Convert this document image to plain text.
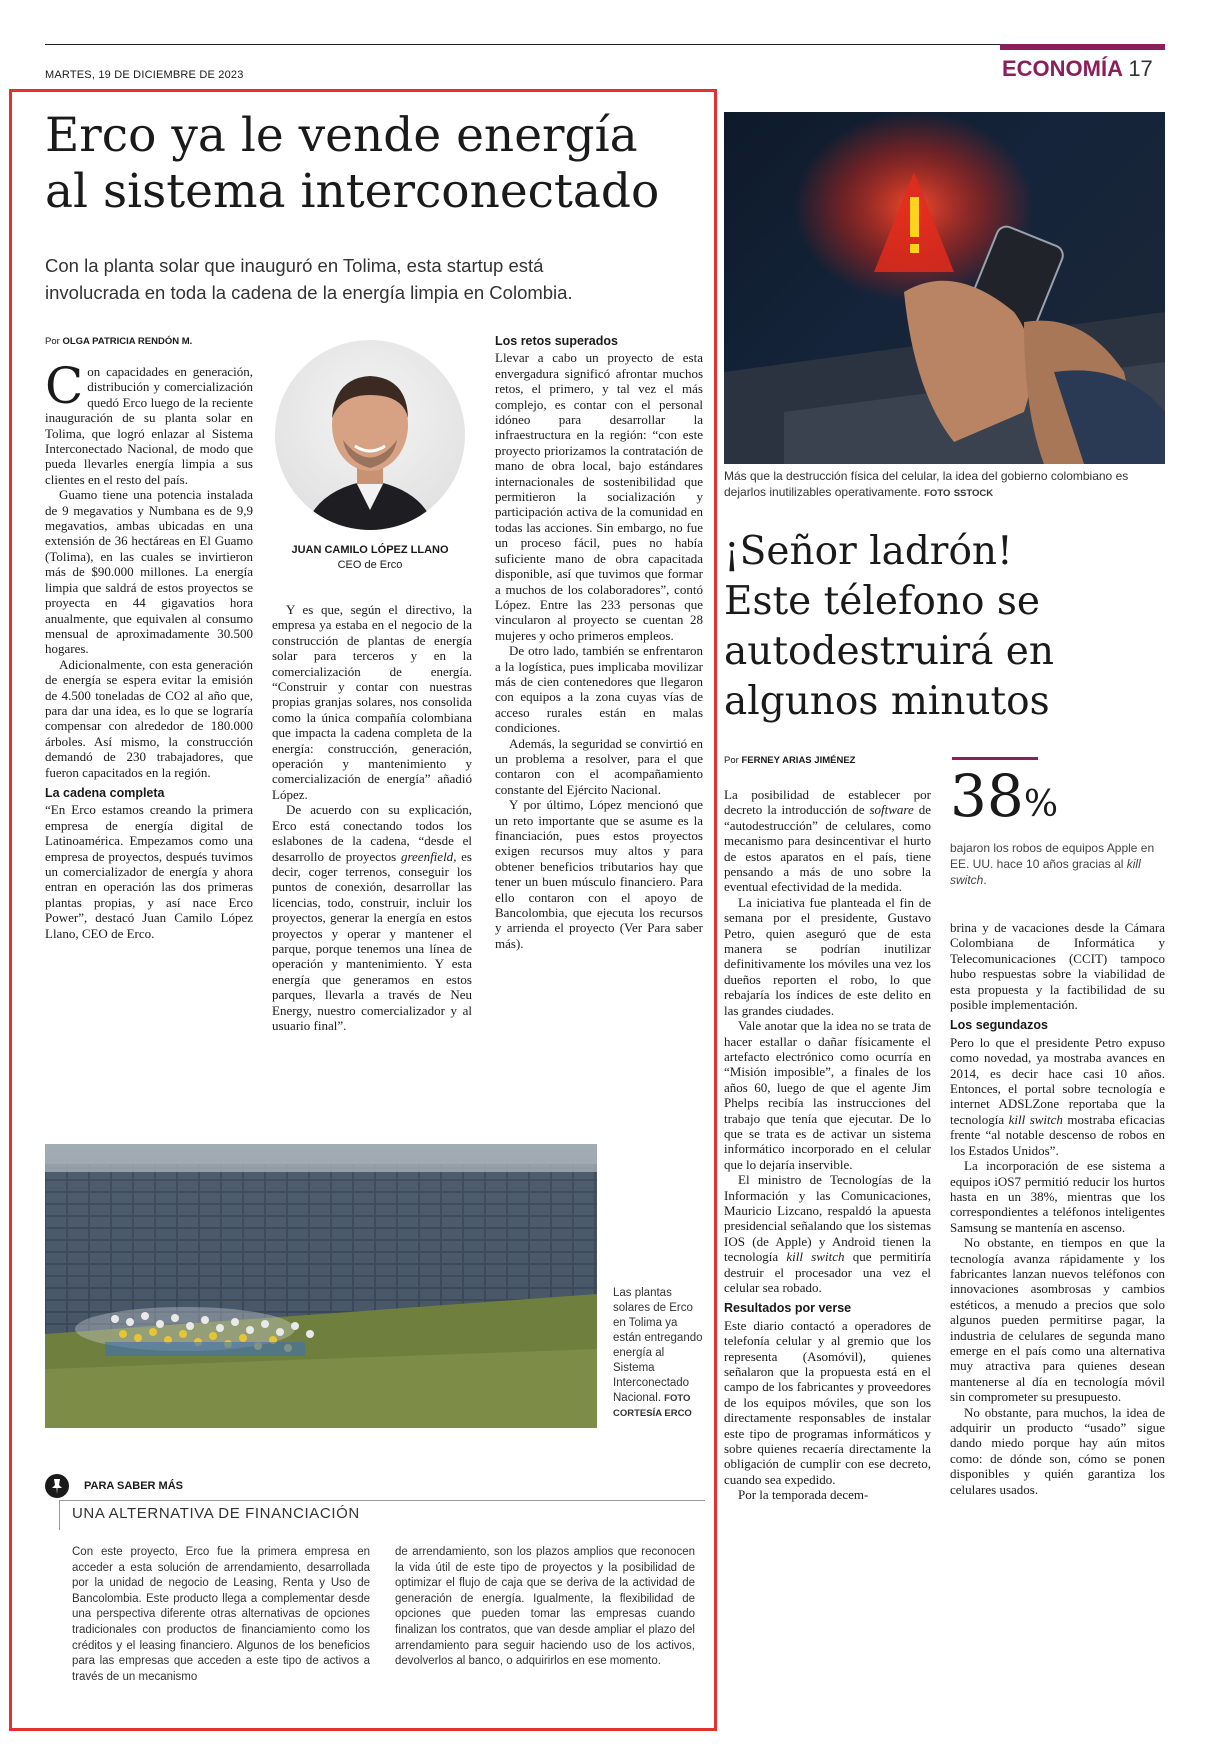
MARTES, 19 DE DICIEMBRE DE 2023	ECONOMÍA 17
Erco ya le vende energía
al sistema interconectado
Con la planta solar que inauguró en Tolima, esta startup está
involucrada en toda la cadena de la energía limpia en Colombia.
Por OLGA PATRICIA RENDÓN M.

Con capacidades en generación, distribución y comercialización quedó Erco luego de la reciente inauguración de su planta solar en Tolima, que logró enlazar al Sistema Interconectado Nacional, de modo que pueda llevarles energía limpia a sus clientes en el resto del país.

Guamo tiene una potencia instalada de 9 megavatios y Numbana es de 9,9 megavatios, ambas ubicadas en una extensión de 36 hectáreas en El Guamo (Tolima), en las cuales se invirtieron más de $90.000 millones. La energía limpia que saldrá de estos proyectos se proyecta en 44 gigavatios hora anualmente, que equivalen al consumo mensual de aproximadamente 30.500 hogares.

Adicionalmente, con esta generación de energía se espera evitar la emisión de 4.500 toneladas de CO2 al año que, para dar una idea, es lo que se lograría compensar con alrededor de 180.000 árboles. Así mismo, la construcción demandó de 230 trabajadores, que fueron capacitados en la región.

La cadena completa

“En Erco estamos creando la primera empresa de energía digital de Latinoamérica. Empezamos como una empresa de proyectos, después tuvimos un comercializador de energía y ahora entran en operación las dos primeras plantas propias, y así nace Erco Power”, destacó Juan Camilo López Llano, CEO de Erco.

JUAN CAMILO LÓPEZ LLANO
CEO de Erco

Y es que, según el directivo, la empresa ya estaba en el negocio de la construcción de plantas de energía solar para terceros y en la comercialización de energía. “Construir y contar con nuestras propias granjas solares, nos consolida como la única compañía colombiana que impacta la cadena completa de la energía: construcción, generación, operación y mantenimiento y comercialización de energía” añadió López.

De acuerdo con su explicación, Erco está conectando todos los eslabones de la cadena, “desde el desarrollo de proyectos greenfield, es decir, coger terrenos, conseguir los puntos de conexión, desarrollar las licencias, todo, construir, incluir los proyectos, generar la energía en estos proyectos y operar y mantener el parque, porque tenemos una línea de operación y mantenimiento. Y esta energía que generamos en estos parques, llevarla a través de Neu Energy, nuestro comercializador y al usuario final”.

Los retos superados

Llevar a cabo un proyecto de esta envergadura significó afrontar muchos retos, el primero, y tal vez el más complejo, es contar con el personal idóneo para desarrollar la infraestructura en la región: “con este proyecto priorizamos la contratación de mano de obra local, bajo estándares internacionales de sostenibilidad que permitieron la socialización y participación activa de la comunidad en todas las acciones. Sin embargo, no fue un proceso fácil, pues no había suficiente mano de obra capacitada disponible, así que tuvimos que formar a muchos de los colaboradores”, contó López. Entre las 233 personas que vincularon al proyecto se cuentan 28 mujeres y ocho primeros empleos.

De otro lado, también se enfrentaron a la logística, pues implicaba movilizar más de cien contenedores que llegaron con equipos a la zona cuyas vías de acceso rurales están en malas condiciones.

Además, la seguridad se convirtió en un problema a resolver, para el que contaron con el acompañamiento constante del Ejército Nacional.

Y por último, López mencionó que un reto importante que se asume es la financiación, pues estos proyectos exigen recursos muy altos y para obtener beneficios tributarios hay que tener un buen músculo financiero. Para ello contaron con el apoyo de Bancolombia, que ejecuta los recursos y arrienda el proyecto (Ver Para saber más).

Las plantas solares de Erco en Tolima ya están entregando energía al Sistema Interconectado Nacional. FOTO CORTESÍA ERCO
PARA SABER MÁS
UNA ALTERNATIVA DE FINANCIACIÓN
Con este proyecto, Erco fue la primera empresa en acceder a esta solución de arrendamiento, desarrollada por la unidad de negocio de Leasing, Renta y Uso de Bancolombia. Este producto llega a complementar desde una perspectiva diferente otras alternativas de opciones tradicionales con productos de financiamiento como los créditos y el leasing financiero. Algunos de los beneficios para las empresas que acceden a este tipo de activos a través de un mecanismo
de arrendamiento, son los plazos amplios que reconocen la vida útil de este tipo de proyectos y la posibilidad de optimizar el flujo de caja que se deriva de la actividad de generación de energía. Igualmente, la flexibilidad de opciones que pueden tomar las empresas cuando finalizan los contratos, que van desde ampliar el plazo del arrendamiento para seguir haciendo uso de los activos, devolverlos al banco, o adquirirlos en ese momento.
Más que la destrucción física del celular, la idea del gobierno colombiano es dejarlos inutilizables operativamente. FOTO SSTOCK
¡Señor ladrón!
Este télefono se
autodestruirá en
algunos minutos
Por FERNEY ARIAS JIMÉNEZ
38%
bajaron los robos de equipos Apple en EE. UU. hace 10 años gracias al kill switch.

La posibilidad de establecer por decreto la introducción de software de “autodestrucción” de celulares, como mecanismo para desincentivar el hurto de estos aparatos en el país, tiene pensando a más de uno sobre la eventual efectividad de la medida.

La iniciativa fue planteada el fin de semana por el presidente, Gustavo Petro, quien aseguró que de esta manera se podrían inutilizar definitivamente los móviles una vez los dueños reporten el robo, lo que rebajaría los índices de este delito en las grandes ciudades.

Vale anotar que la idea no se trata de hacer estallar o dañar físicamente el artefacto electrónico como ocurría en “Misión imposible”, a finales de los años 60, luego de que el agente Jim Phelps recibía las instrucciones del trabajo que tenía que ejecutar. De lo que se trata es de activar un sistema informático incorporado en el celular que lo dejaría inservible.

El ministro de Tecnologías de la Información y las Comunicaciones, Mauricio Lizcano, respaldó la apuesta presidencial señalando que los sistemas IOS (de Apple) y Android tienen la tecnología kill switch que permitiría destruir el procesador una vez el celular sea robado.

Resultados por verse

Este diario contactó a operadores de telefonía celular y al gremio que los representa (Asomóvil), quienes señalaron que la propuesta está en el campo de los fabricantes y proveedores de los equipos móviles, que son los directamente responsables de instalar este tipo de programas informáticos y sobre quienes recaería directamente la obligación de cumplir con ese decreto, cuando sea expedido.

Por la temporada decem-

brina y de vacaciones desde la Cámara Colombiana de Informática y Telecomunicaciones (CCIT) tampoco hubo respuestas sobre la viabilidad de esta propuesta y la factibilidad de su posible implementación.

Los segundazos

Pero lo que el presidente Petro expuso como novedad, ya mostraba avances en 2014, es decir hace casi 10 años. Entonces, el portal sobre tecnología e internet ADSLZone reportaba que la tecnología kill switch mostraba eficacias frente “al notable descenso de robos en los Estados Unidos”.

La incorporación de ese sistema a equipos iOS7 permitió reducir los hurtos hasta en un 38%, mientras que los correspondientes a teléfonos inteligentes Samsung se mantenía en ascenso.

No obstante, en tiempos en que la tecnología avanza rápidamente y los fabricantes lanzan nuevos teléfonos con innovaciones asombrosas y cambios estéticos, a menudo a precios que solo algunos pueden permitirse pagar, la industria de celulares de segunda mano emerge en el país como una alternativa muy atractiva para quienes desean mantenerse al día en tecnología móvil sin comprometer su presupuesto.

No obstante, para muchos, la idea de adquirir un producto “usado” sigue dando miedo porque hay aún mitos como: de dónde son, cómo se ponen disponibles y quién garantiza los celulares usados.
